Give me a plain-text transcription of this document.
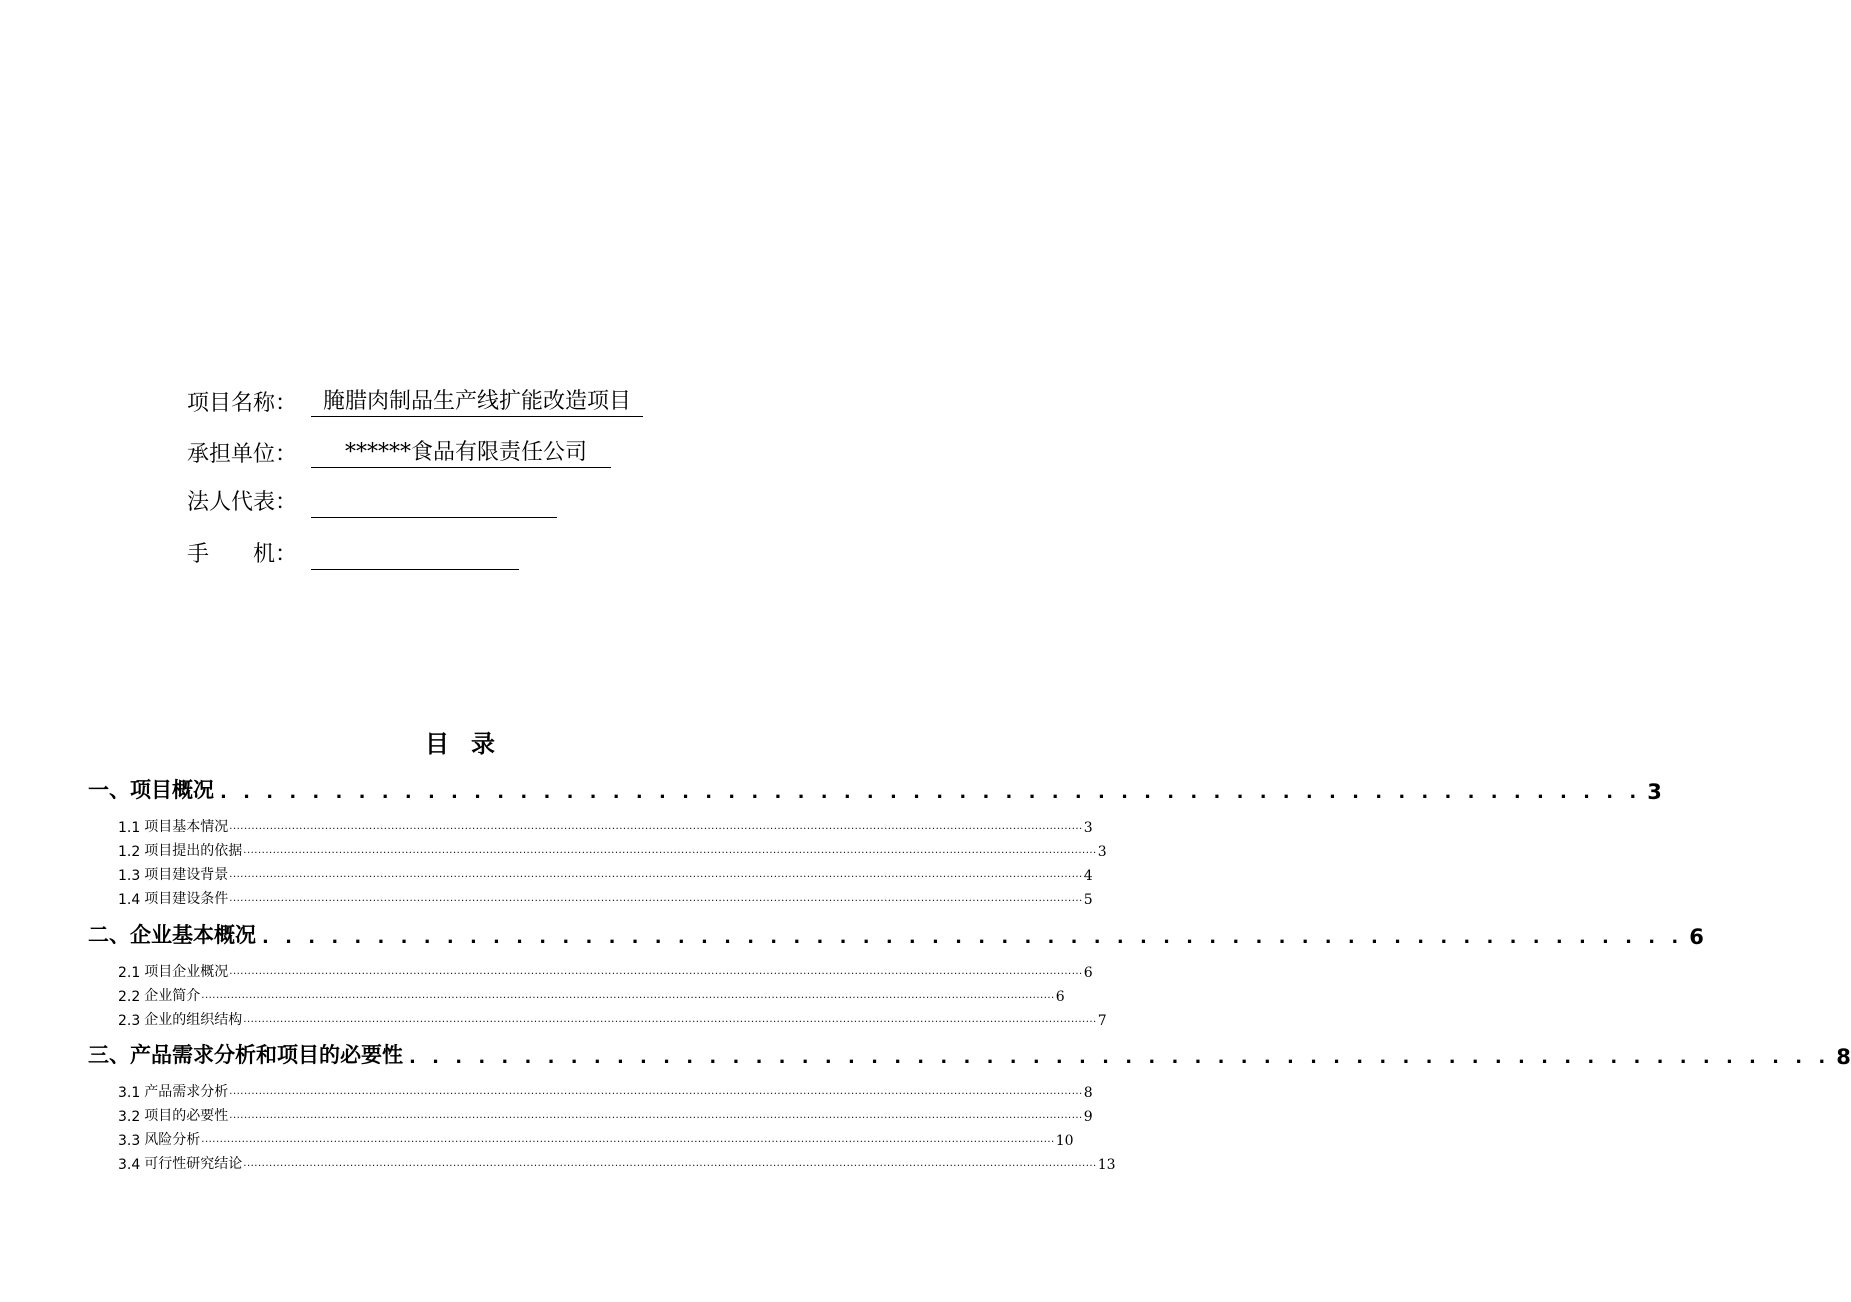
项目名称：	腌腊肉制品生产线扩能改造项目
承担单位：	******食品有限责任公司
法人代表：
手　　机：
目录
一、项目概况 . . . . . . . . . . . . . . . . . . . . . . . . . . . . . . . . . . . . . . . . . . . . . . . . . . . . . . . . . . . . . . 3
1.1 项目基本情况 ........................................................................................................................................................................................................................................ 3
1.2 项目提出的依据 ........................................................................................................................................................................................................................................ 3
1.3 项目建设背景 ........................................................................................................................................................................................................................................ 4
1.4 项目建设条件 ........................................................................................................................................................................................................................................ 5
二、企业基本概况 . . . . . . . . . . . . . . . . . . . . . . . . . . . . . . . . . . . . . . . . . . . . . . . . . . . . . . . . . . . . . . 6
2.1 项目企业概况 ........................................................................................................................................................................................................................................ 6
2.2 企业简介 ........................................................................................................................................................................................................................................ 6
2.3 企业的组织结构 ........................................................................................................................................................................................................................................ 7
三、产品需求分析和项目的必要性 . . . . . . . . . . . . . . . . . . . . . . . . . . . . . . . . . . . . . . . . . . . . . . . . . . . . . . . . . . . . . . 8
3.1 产品需求分析 ........................................................................................................................................................................................................................................ 8
3.2 项目的必要性 ........................................................................................................................................................................................................................................ 9
3.3 风险分析 ........................................................................................................................................................................................................................................ 10
3.4 可行性研究结论 ........................................................................................................................................................................................................................................ 13
